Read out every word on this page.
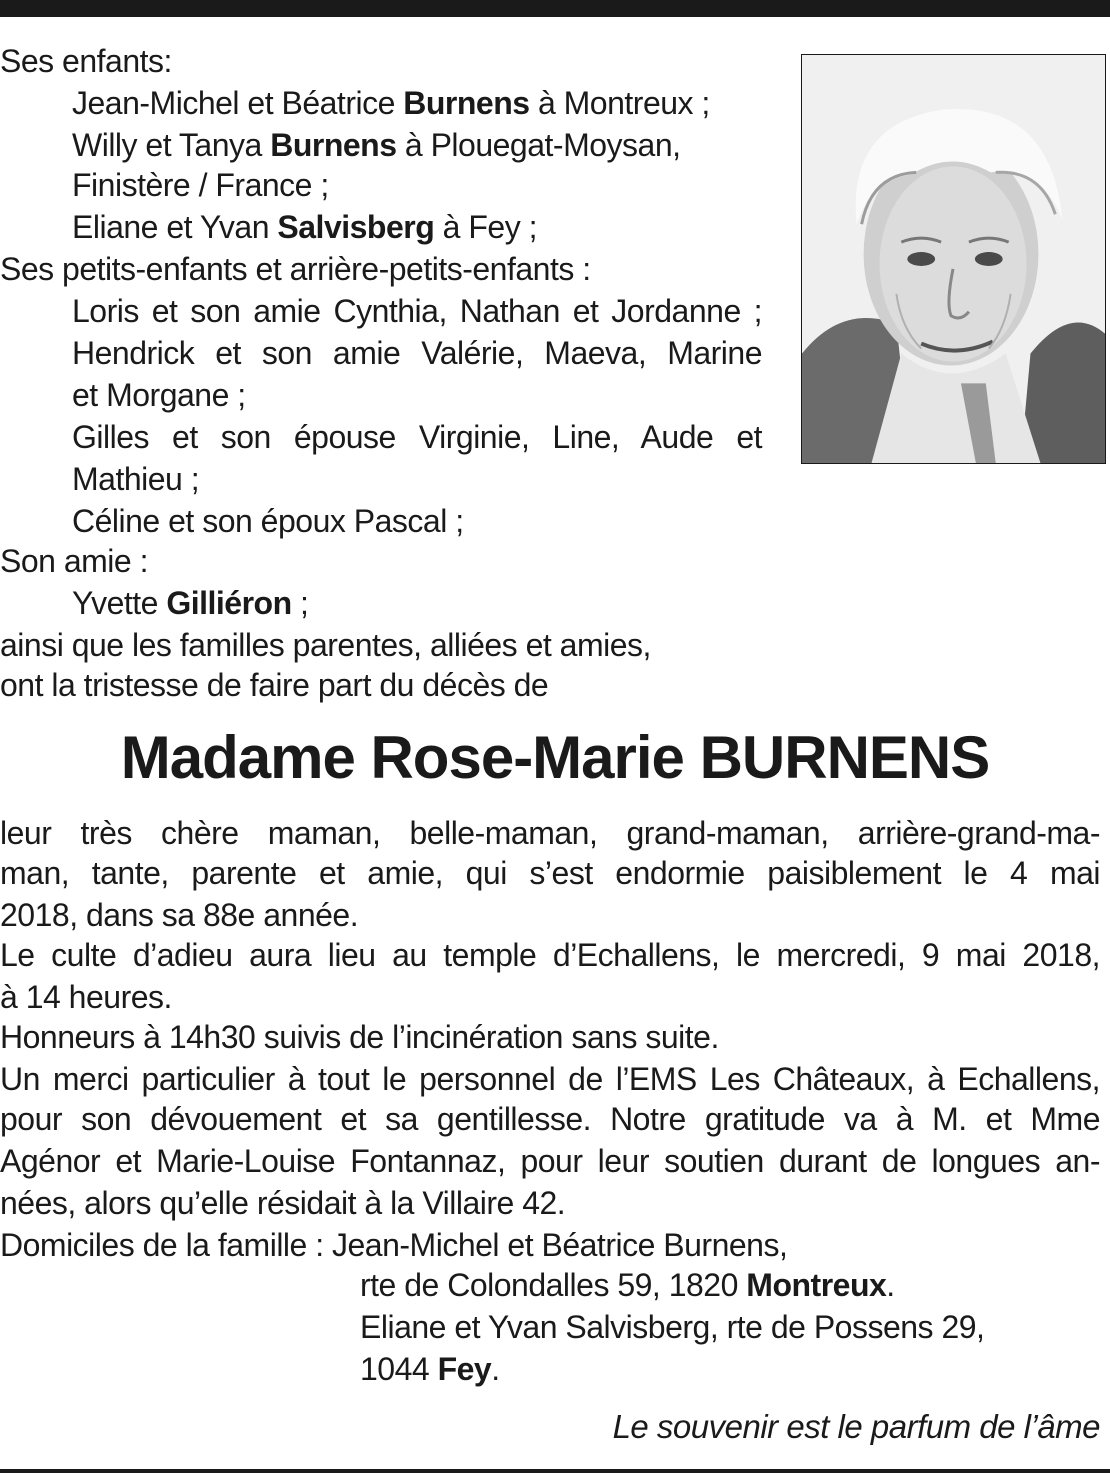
Ses enfants:
Jean-Michel et Béatrice Burnens à Montreux ;
Willy et Tanya Burnens à Plouegat-Moysan,
Finistère / France ;
Eliane et Yvan Salvisberg à Fey ;
Ses petits-enfants et arrière-petits-enfants :
Loris et son amie Cynthia, Nathan et Jordanne ;
Hendrick et son amie Valérie, Maeva, Marine
et Morgane ;
Gilles et son épouse Virginie, Line, Aude et
Mathieu ;
Céline et son époux Pascal ;
Son amie :
Yvette Gilliéron ;
ainsi que les familles parentes, alliées et amies,
ont la tristesse de faire part du décès de
Madame Rose-Marie BURNENS
leur très chère maman, belle-maman, grand-maman, arrière-grand-ma-
man, tante, parente et amie, qui s’est endormie paisiblement le 4 mai
2018, dans sa 88e année.
Le culte d’adieu aura lieu au temple d’Echallens, le mercredi, 9 mai 2018,
à 14 heures.
Honneurs à 14h30 suivis de l’incinération sans suite.
Un merci particulier à tout le personnel de l’EMS Les Châteaux, à Echallens,
pour son dévouement et sa gentillesse. Notre gratitude va à M. et Mme
Agénor et Marie-Louise Fontannaz, pour leur soutien durant de longues an-
nées, alors qu’elle résidait à la Villaire 42.
Domiciles de la famille : Jean-Michel et Béatrice Burnens,
rte de Colondalles 59, 1820 Montreux.
Eliane et Yvan Salvisberg, rte de Possens 29,
1044 Fey.
Le souvenir est le parfum de l’âme
